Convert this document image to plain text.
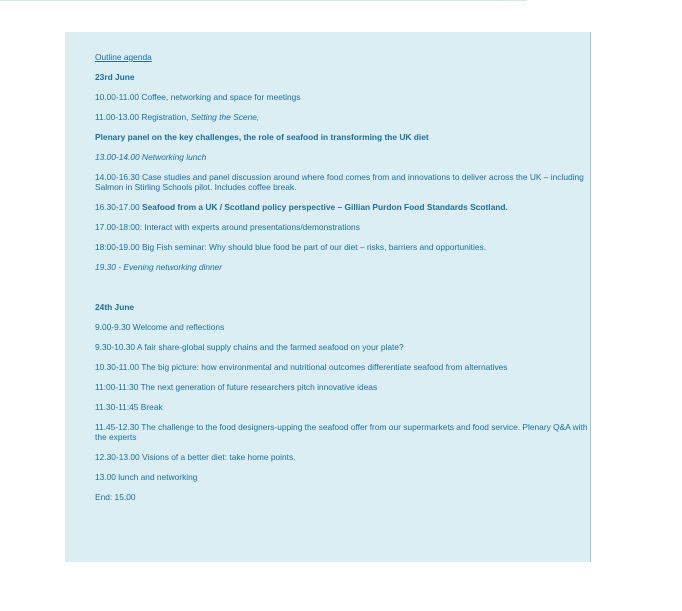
Outline agenda
23rd June
10.00-11.00 Coffee, networking and space for meetings
11.00-13.00 Registration, Setting the Scene,
Plenary panel on the key challenges, the role of seafood in transforming the UK diet
13.00-14.00 Networking lunch
14.00-16.30 Case studies and panel discussion around where food comes from and innovations to deliver across the UK – including Salmon in Stirling Schools pilot. Includes coffee break.
16.30-17.00 Seafood from a UK / Scotland policy perspective – Gillian Purdon Food Standards Scotland.
17.00-18:00: Interact with experts around presentations/demonstrations
18:00-19.00 Big Fish seminar: Why should blue food be part of our diet – risks, barriers and opportunities.
19.30 - Evening networking dinner
24th June
9.00-9.30 Welcome and reflections
9.30-10.30 A fair share-global supply chains and the farmed seafood on your plate?
10.30-11.00 The big picture: how environmental and nutritional outcomes differentiate seafood from alternatives
11:00-11:30 The next generation of future researchers pitch innovative ideas
11.30-11:45 Break
11.45-12.30 The challenge to the food designers-upping the seafood offer from our supermarkets and food service. Plenary Q&A with the experts
12.30-13.00 Visions of a better diet: take home points.
13.00 lunch and networking
End: 15.00
